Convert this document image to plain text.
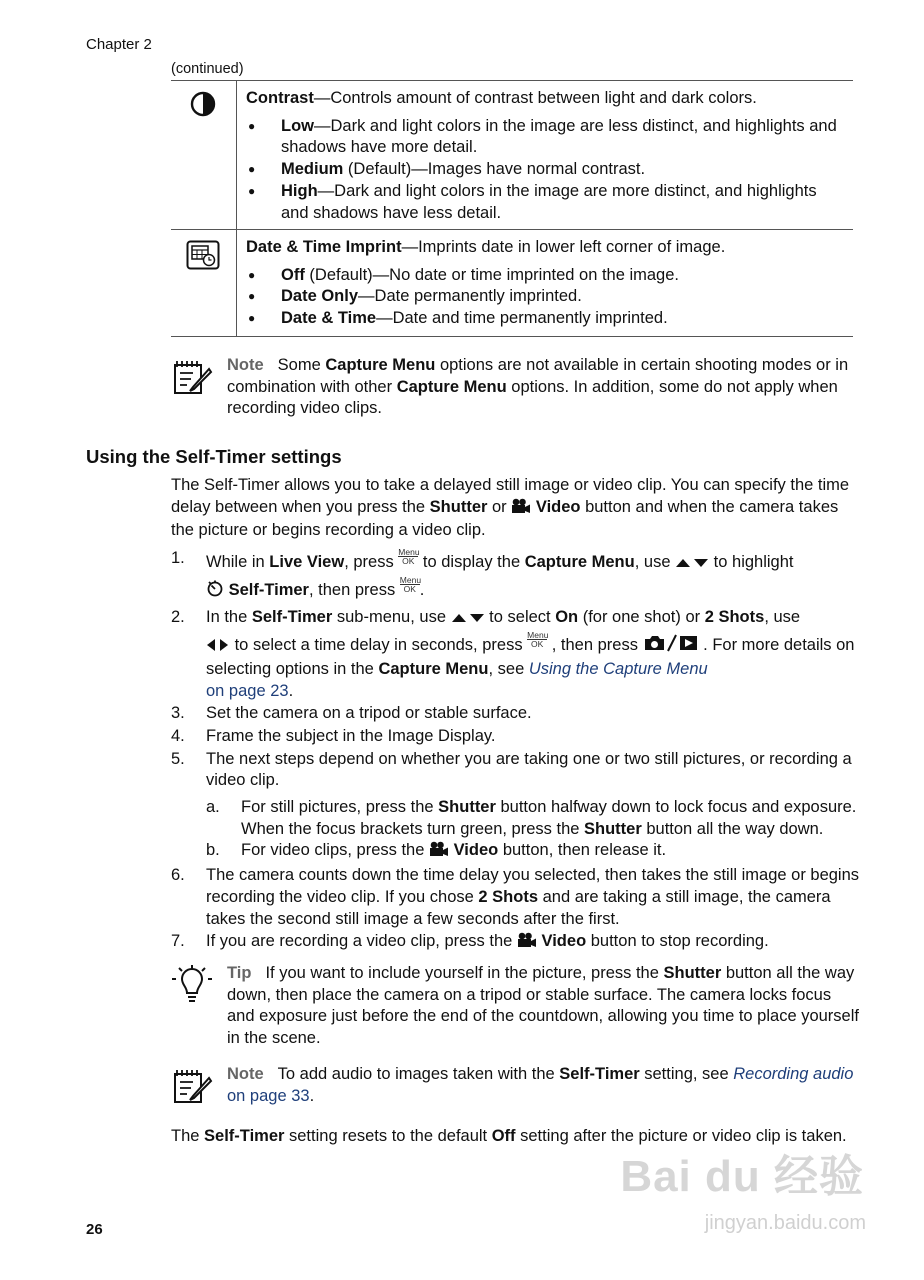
Chapter 2
(continued)

Contrast—Controls amount of contrast between light and dark colors.

● Low—Dark and light colors in the image are less distinct, and highlights and shadows have more detail.
● Medium (Default)—Images have normal contrast.
● High—Dark and light colors in the image are more distinct, and highlights and shadows have less detail.

Date & Time Imprint—Imprints date in lower left corner of image.

● Off (Default)—No date or time imprinted on the image.
● Date Only—Date permanently imprinted.
● Date & Time—Date and time permanently imprinted.
Note Some Capture Menu options are not available in certain shooting modes or in combination with other Capture Menu options. In addition, some do not apply when recording video clips.
Using the Self-Timer settings
The Self-Timer allows you to take a delayed still image or video clip. You can specify the time delay between when you press the Shutter or  Video button and when the camera takes the picture or begins recording a video clip.
1. While in Live View, press
Menu
OK to display the Capture Menu, use  to highlight
Self-Timer, then press
Menu
OK .
2. In the Self-Timer sub-menu, use  to select On (for one shot) or 2 Shots, use
to select a time delay in seconds, press
Menu
OK , then press	. For more details on selecting options in the Capture Menu, see Using the Capture Menu
on page 23.
3. Set the camera on a tripod or stable surface.
4. Frame the subject in the Image Display.
5. The next steps depend on whether you are taking one or two still pictures, or recording a video clip.
a. For still pictures, press the Shutter button halfway down to lock focus and exposure. When the focus brackets turn green, press the Shutter button all the way down.
b. For video clips, press the  Video button, then release it.
6. The camera counts down the time delay you selected, then takes the still image or begins recording the video clip. If you chose 2 Shots and are taking a still image, the camera takes the second still image a few seconds after the first.
7. If you are recording a video clip, press the  Video button to stop recording.
Tip If you want to include yourself in the picture, press the Shutter button all the way down, then place the camera on a tripod or stable surface. The camera locks focus and exposure just before the end of the countdown, allowing you time to place yourself in the scene.
Note To add audio to images taken with the Self-Timer setting, see Recording audio on page 33.
The Self-Timer setting resets to the default Off setting after the picture or video clip is taken.
26
Bai du 经验
jingyan.baidu.com
